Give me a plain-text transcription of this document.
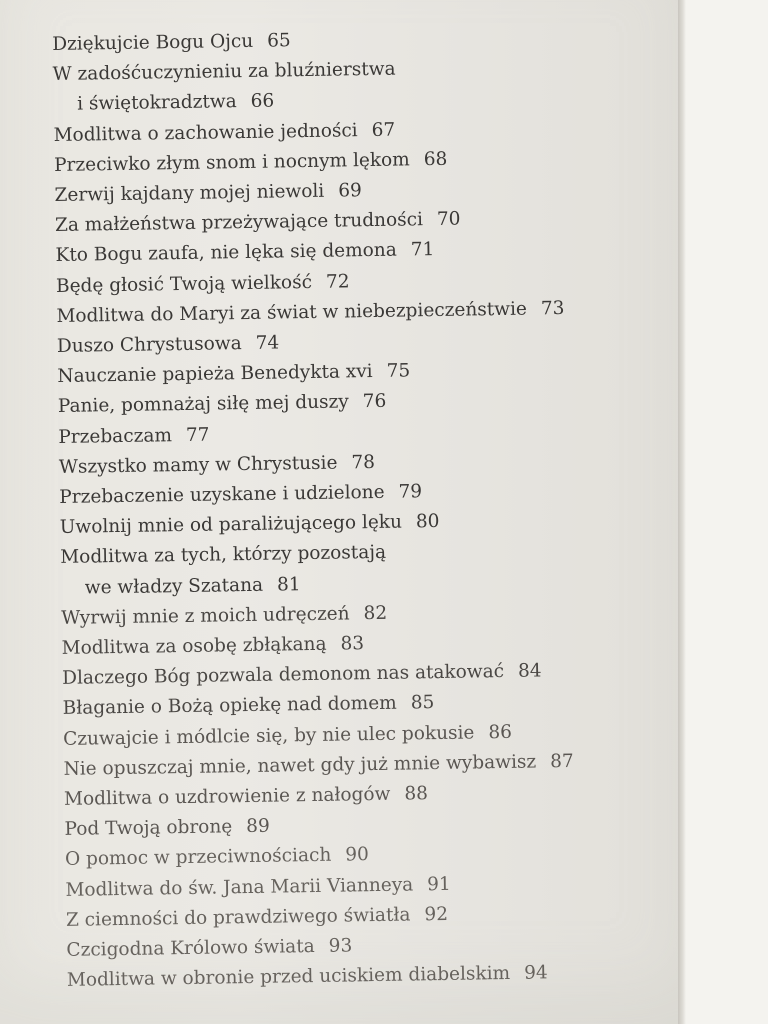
Dziękujcie Bogu Ojcu 65
W zadośćuczynieniu za bluźnierstwa
i świętokradztwa 66
Modlitwa o zachowanie jedności 67
Przeciwko złym snom i nocnym lękom 68
Zerwij kajdany mojej niewoli 69
Za małżeństwa przeżywające trudności 70
Kto Bogu zaufa, nie lęka się demona 71
Będę głosić Twoją wielkość 72
Modlitwa do Maryi za świat w niebezpieczeństwie 73
Duszo Chrystusowa 74
Nauczanie papieża Benedykta xvi 75
Panie, pomnażaj siłę mej duszy 76
Przebaczam 77
Wszystko mamy w Chrystusie 78
Przebaczenie uzyskane i udzielone 79
Uwolnij mnie od paraliżującego lęku 80
Modlitwa za tych, którzy pozostają
we władzy Szatana 81
Wyrwij mnie z moich udręczeń 82
Modlitwa za osobę zbłąkaną 83
Dlaczego Bóg pozwala demonom nas atakować 84
Błaganie o Bożą opiekę nad domem 85
Czuwajcie i módlcie się, by nie ulec pokusie 86
Nie opuszczaj mnie, nawet gdy już mnie wybawisz 87
Modlitwa o uzdrowienie z nałogów 88
Pod Twoją obronę 89
O pomoc w przeciwnościach 90
Modlitwa do św. Jana Marii Vianneya 91
Z ciemności do prawdziwego światła 92
Czcigodna Królowo świata 93
Modlitwa w obronie przed uciskiem diabelskim 94
